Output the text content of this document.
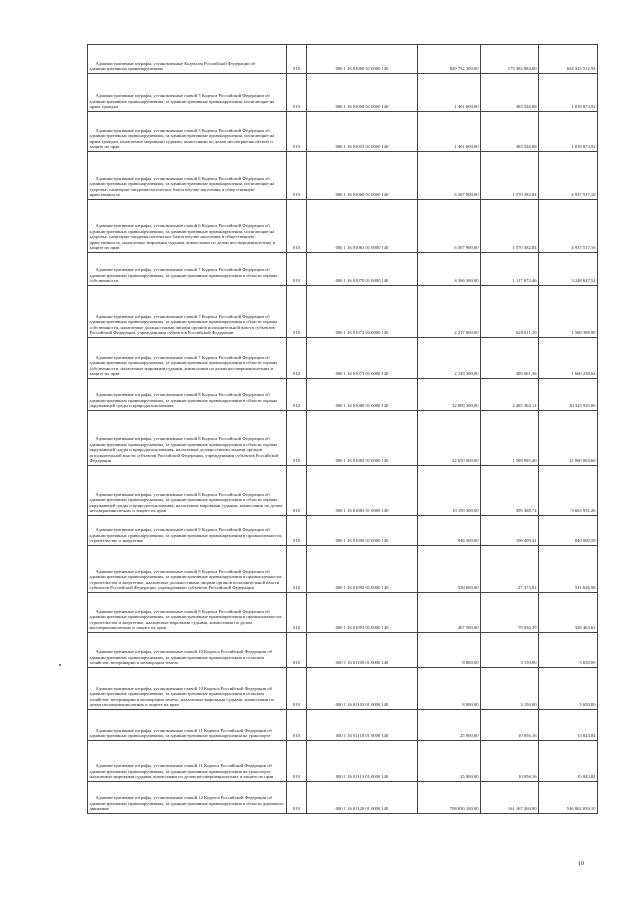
Административные штрафы, установленные Кодексом Российской Федерации об административных правонарушениях	010	000 1 16 01000 01 0000 140	829 752 300,00	175 382 884,00	654 325 512,94

Административные штрафы, установленные главой 5 Кодекса Российской Федерации об административных правонарушениях, за административные правонарушения, посягающие на права граждан	010	000 1 16 01050 01 0000 140	1 401 600,00	383 526,08	1 018 073,92

Административные штрафы, установленные главой 5 Кодекса Российской Федерации об административных правонарушениях, за административные правонарушения, посягающие на права граждан, налагаемые мировыми судьями, комиссиями по делам несовершеннолетних и защите их прав	010	000 1 16 01053 01 0000 140	1 401 600,00	383 526,08	1 018 073,92

Административные штрафы, установленные главой 6 Кодекса Российской Федерации об административных правонарушениях, за административные правонарушения, посягающие на здоровье, санитарно-эпидемиологическое благополучие населения и общественную нравственность	010	000 1 16 01060 01 0000 140	6 507 900,00	1 570 382,84	4 937 517,16

Административные штрафы, установленные главой 6 Кодекса Российской Федерации об административных правонарушениях, за административные правонарушения, посягающие на здоровье, санитарно-эпидемиологическое благополучие населения и общественную нравственность, налагаемые мировыми судьями, комиссиями по делам несовершеннолетних и защите их прав	010	000 1 16 01063 01 0000 140	6 507 900,00	1 570 382,84	4 937 517,16

Административные штрафы, установленные главой 7 Кодекса Российской Федерации об административных правонарушениях, за административные правонарушения в области охраны собственности	010	000 1 16 01070 01 0000 140	4 366 300,00	1 117 672,46	3 248 627,54

Административные штрафы, установленные главой 7 Кодекса Российской Федерации об административных правонарушениях, за административные правонарушения в области охраны собственности, налагаемые должностными лицами органов исполнительной власти субъектов Российской Федерации, учреждениями субъектов Российской Федерации	010	000 1 16 01072 02 0000 140	2 217 000,00	628 611,10	1 588 388,90

Административные штрафы, установленные главой 7 Кодекса Российской Федерации об административных правонарушениях, за административные правонарушения в области охраны собственности, налагаемые мировыми судьями, комиссиями по делам несовершеннолетних и защите их прав	010	000 1 16 01073 01 0000 140	2 149 300,00	489 061,36	1 660 238,64

Административные штрафы, установленные главой 8 Кодекса Российской Федерации об административных правонарушениях, за административные правонарушения в области охраны окружающей среды и природопользования	010	000 1 16 01080 01 0000 140	32 809 300,00	2 485 364,14	30 323 935,86

Административные штрафы, установленные главой 8 Кодекса Российской Федерации об административных правонарушениях, за административные правонарушения в области охраны окружающей среды и природопользования, налагаемые должностными лицами органов исполнительной власти субъектов Российской Федерации, учреждениями субъектов Российской Федерации	010	000 1 16 01082 01 0000 140	22 650 000,00	1 589 995,40	21 060 004,60

Административные штрафы, установленные главой 8 Кодекса Российской Федерации об административных правонарушениях, за административные правонарушения в области охраны окружающей среды и природопользования, налагаемые мировыми судьями, комиссиями по делам несовершеннолетних и защите их прав	010	000 1 16 01083 01 0000 140	10 159 300,00	495 368,74	9 663 931,26

Административные штрафы, установленные главой 9 Кодекса Российской Федерации об административных правонарушениях, за административные правонарушения в промышленности, строительстве и энергетике	010	000 1 16 01090 01 0000 140	946 500,00	106 409,41	840 090,59

Административные штрафы, установленные главой 9 Кодекса Российской Федерации об административных правонарушениях, за административные правонарушения в промышленности, строительстве и энергетике, налагаемые должностными лицами органов исполнительной власти субъектов Российской Федерации, учреждениями субъектов Российской Федерации	010	000 1 16 01092 01 0000 140	539 000,00	27 373,02	511 626,98

Административные штрафы, установленные главой 9 Кодекса Российской Федерации об административных правонарушениях, за административные правонарушения в промышленности, строительстве и энергетике, налагаемые мировыми судьями, комиссиями по делам несовершеннолетних и защите их прав	010	000 1 16 01093 01 0000 140	407 500,00	79 036,39	328 463,61

Административные штрафы, установленные главой 10 Кодекса Российской Федерации об административных правонарушениях, за административные правонарушения в сельском хозяйстве, ветеринарии и мелиорации земель	010	000 1 16 01100 01 0000 140	8 800,00	3 150,00	5 650,00

Административные штрафы, установленные главой 10 Кодекса Российской Федерации об административных правонарушениях, за административные правонарушения в сельском хозяйстве, ветеринарии и мелиорации земель, налагаемые мировыми судьями, комиссиями по делам несовершеннолетних и защите их прав	010	000 1 16 01103 01 0000 140	8 800,00	3 150,00	5 650,00

Административные штрафы, установленные главой 11 Кодекса Российской Федерации об административных правонарушениях, за административные правонарушения на транспорте	010	000 1 16 01110 01 0000 140	25 900,00	10 056,16	15 843,84

Административные штрафы, установленные главой 11 Кодекса Российской Федерации об административных правонарушениях, за административные правонарушения на транспорте, налагаемые мировыми судьями, комиссиями по делам несовершеннолетних и защите их прав	010	000 1 16 01113 01 0000 140	25 900,00	10 056,16	15 843,84

Административные штрафы, установленные главой 12 Кодекса Российской Федерации об административных правонарушениях, за административные правонарушения в области дорожного движения	010	000 1 16 01120 01 0000 140	708 030 100,00	161 167 260,90	546 862 839,10
10
